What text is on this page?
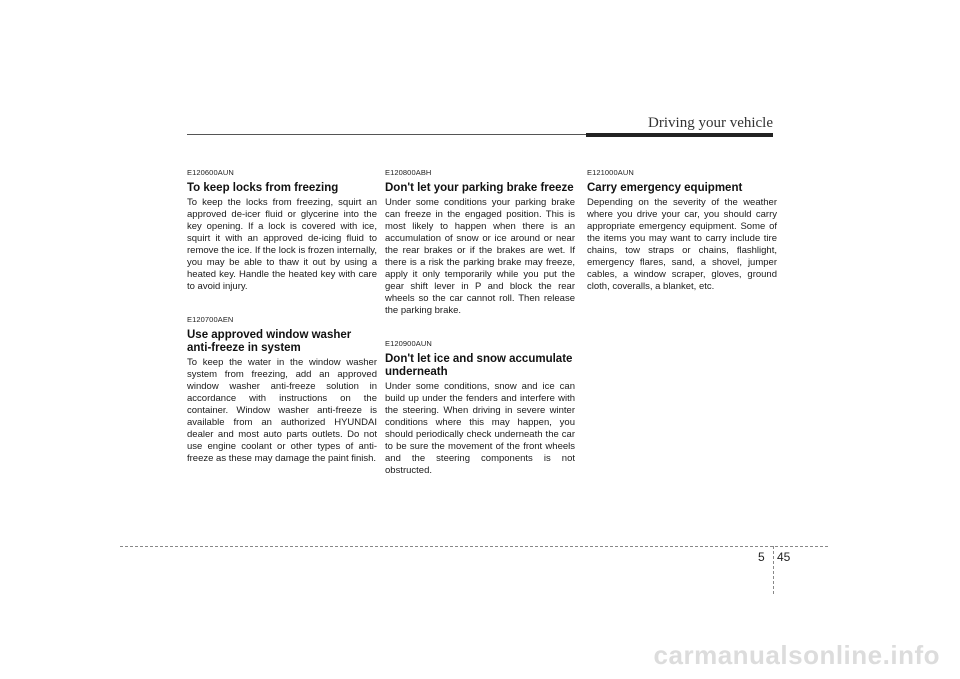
Driving your vehicle
E120600AUN
To keep locks from freezing
To keep the locks from freezing, squirt an approved de-icer fluid or glycerine into the key opening. If a lock is covered with ice, squirt it with an approved de-icing fluid to remove the ice. If the lock is frozen internally, you may be able to thaw it out by using a heated key. Handle the heated key with care to avoid injury.
E120700AEN
Use approved window washer anti-freeze in system
To keep the water in the window washer system from freezing, add an approved window washer anti-freeze solution in accordance with instructions on the container. Window washer anti-freeze is available from an authorized HYUNDAI dealer and most auto parts outlets. Do not use engine coolant or other types of anti-freeze as these may damage the paint finish.
E120800ABH
Don't let your parking brake freeze
Under some conditions your parking brake can freeze in the engaged position. This is most likely to happen when there is an accumulation of snow or ice around or near the rear brakes or if the brakes are wet. If there is a risk the parking brake may freeze, apply it only temporarily while you put the gear shift lever in P and block the rear wheels so the car cannot roll. Then release the parking brake.
E120900AUN
Don't let ice and snow accumulate underneath
Under some conditions, snow and ice can build up under the fenders and interfere with the steering. When driving in severe winter conditions where this may happen, you should periodically check underneath the car to be sure the movement of the front wheels and the steering components is not obstructed.
E121000AUN
Carry emergency equipment
Depending on the severity of the weather where you drive your car, you should carry appropriate emergency equipment. Some of the items you may want to carry include tire chains, tow straps or chains, flashlight, emergency flares, sand, a shovel, jumper cables, a window scraper, gloves, ground cloth, coveralls, a blanket, etc.
5 45
carmanualsonline.info
